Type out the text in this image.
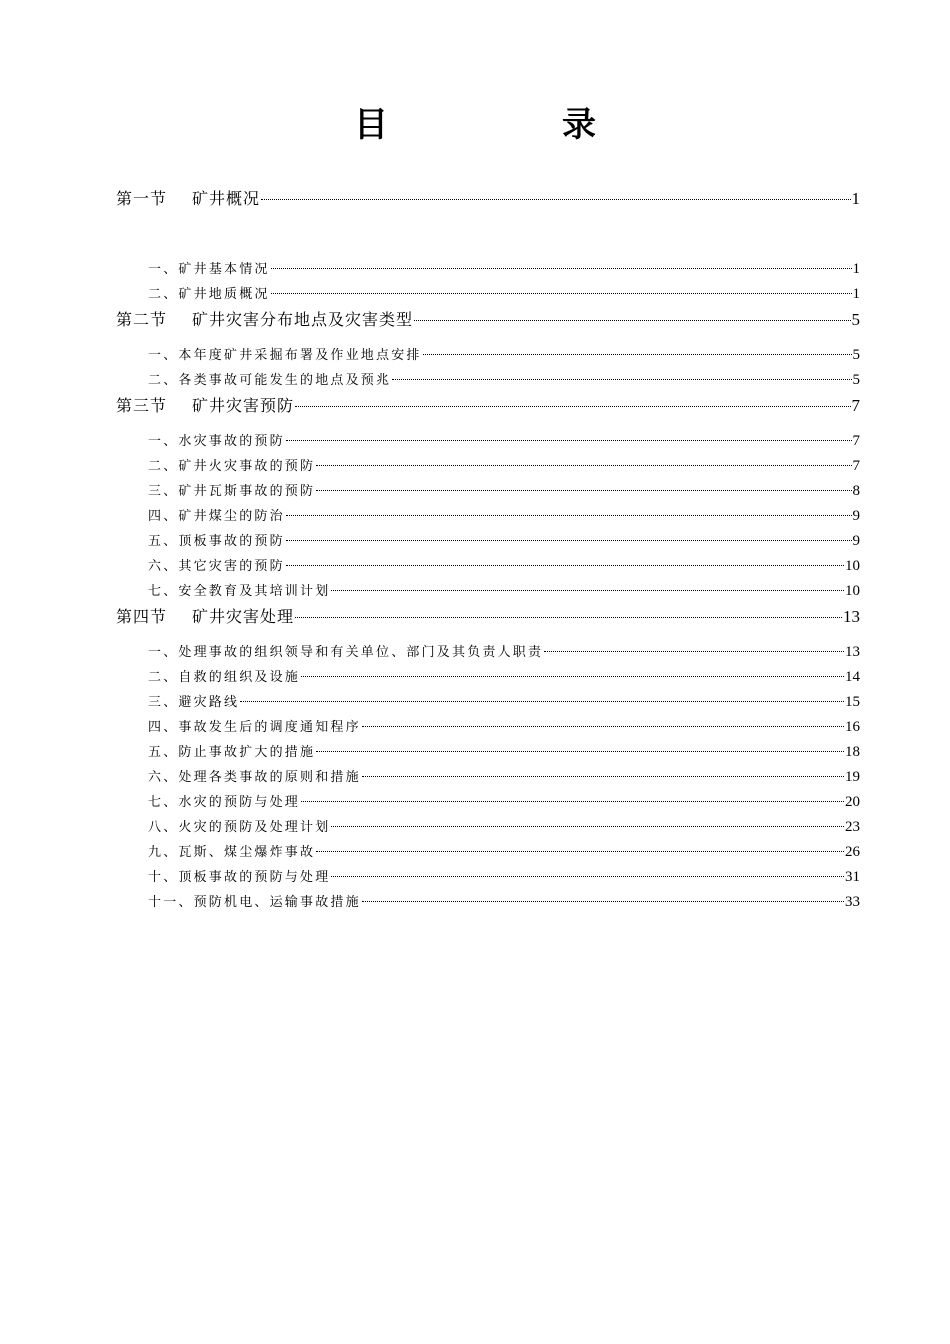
目　录
第一节 矿井概况	1
一、矿井基本情况	1
二、矿井地质概况	1
第二节 矿井灾害分布地点及灾害类型	5
一、本年度矿井采掘布署及作业地点安排	5
二、各类事故可能发生的地点及预兆	5
第三节 矿井灾害预防	7
一、水灾事故的预防	7
二、矿井火灾事故的预防	7
三、矿井瓦斯事故的预防	8
四、矿井煤尘的防治	9
五、顶板事故的预防	9
六、其它灾害的预防	10
七、安全教育及其培训计划	10
第四节 矿井灾害处理	13
一、处理事故的组织领导和有关单位、部门及其负责人职责	13
二、自救的组织及设施	14
三、避灾路线	15
四、事故发生后的调度通知程序	16
五、防止事故扩大的措施	18
六、处理各类事故的原则和措施	19
七、水灾的预防与处理	20
八、火灾的预防及处理计划	23
九、瓦斯、煤尘爆炸事故	26
十、顶板事故的预防与处理	31
十一、预防机电、运输事故措施	33
